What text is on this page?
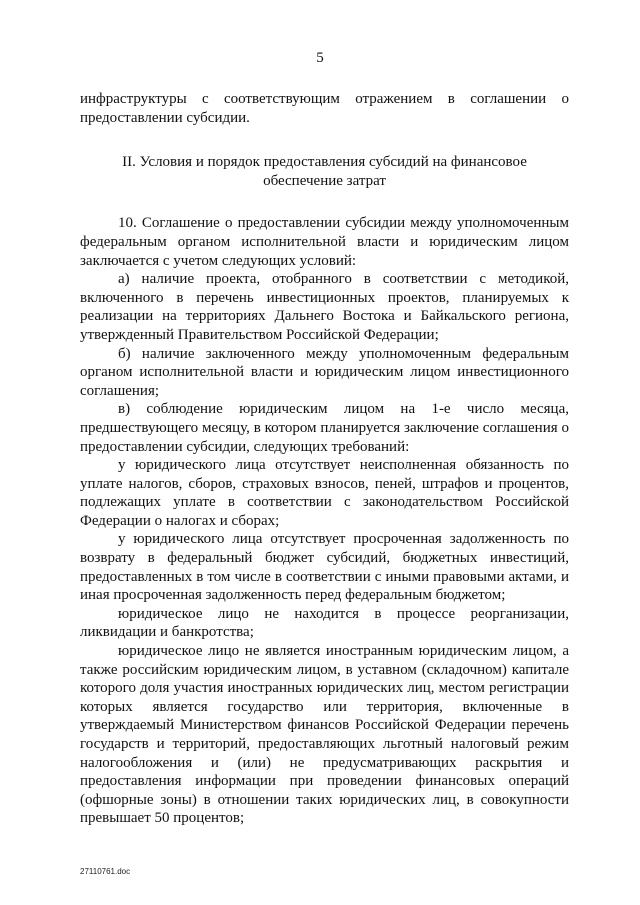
5

инфраструктуры с соответствующим отражением в соглашении о предоставлении субсидии.

II. Условия и порядок предоставления субсидий на финансовое
обеспечение затрат

10. Соглашение о предоставлении субсидии между уполномоченным федеральным органом исполнительной власти и юридическим лицом заключается с учетом следующих условий:

а) наличие проекта, отобранного в соответствии с методикой, включенного в перечень инвестиционных проектов, планируемых к реализации на территориях Дальнего Востока и Байкальского региона, утвержденный Правительством Российской Федерации;

б) наличие заключенного между уполномоченным федеральным органом исполнительной власти и юридическим лицом инвестиционного соглашения;

в) соблюдение юридическим лицом на 1-е число месяца, предшествующего месяцу, в котором планируется заключение соглашения о предоставлении субсидии, следующих требований:

у юридического лица отсутствует неисполненная обязанность по уплате налогов, сборов, страховых взносов, пеней, штрафов и процентов, подлежащих уплате в соответствии с законодательством Российской Федерации о налогах и сборах;

у юридического лица отсутствует просроченная задолженность по возврату в федеральный бюджет субсидий, бюджетных инвестиций, предоставленных в том числе в соответствии с иными правовыми актами, и иная просроченная задолженность перед федеральным бюджетом;

юридическое лицо не находится в процессе реорганизации, ликвидации и банкротства;

юридическое лицо не является иностранным юридическим лицом, а также российским юридическим лицом, в уставном (складочном) капитале которого доля участия иностранных юридических лиц, местом регистрации которых является государство или территория, включенные в утверждаемый Министерством финансов Российской Федерации перечень государств и территорий, предоставляющих льготный налоговый режим налогообложения и (или) не предусматривающих раскрытия и предоставления информации при проведении финансовых операций (офшорные зоны) в отношении таких юридических лиц, в совокупности превышает 50 процентов;

27110761.doc
